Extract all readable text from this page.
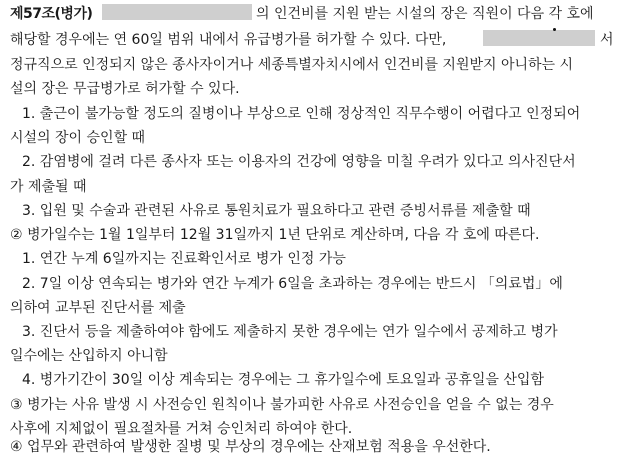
제57조(병가)	의 인건비를 지원 받는 시설의 장은 직원이 다음 각 호에
해당할 경우에는 연 60일 범위 내에서 유급병가를 허가할 수 있다. 다만,	서
정규직으로 인정되지 않은 종사자이거나 세종특별자치시에서 인건비를 지원받지 아니하는 시
설의 장은 무급병가로 허가할 수 있다.
1. 출근이 불가능할 정도의 질병이나 부상으로 인해 정상적인 직무수행이 어렵다고 인정되어
시설의 장이 승인할 때
2. 감염병에 걸려 다른 종사자 또는 이용자의 건강에 영향을 미칠 우려가 있다고 의사진단서
가 제출될 때
3. 입원 및 수술과 관련된 사유로 통원치료가 필요하다고 관련 증빙서류를 제출할 때
② 병가일수는 1월 1일부터 12월 31일까지 1년 단위로 계산하며, 다음 각 호에 따른다.
1. 연간 누계 6일까지는 진료확인서로 병가 인정 가능
2. 7일 이상 연속되는 병가와 연간 누계가 6일을 초과하는 경우에는 반드시 「의료법」에
의하여 교부된 진단서를 제출
3. 진단서 등을 제출하여야 함에도 제출하지 못한 경우에는 연가 일수에서 공제하고 병가
일수에는 산입하지 아니함
4. 병가기간이 30일 이상 계속되는 경우에는 그 휴가일수에 토요일과 공휴일을 산입함
③ 병가는 사유 발생 시 사전승인 원칙이나 불가피한 사유로 사전승인을 얻을 수 없는 경우
사후에 지체없이 필요절차를 거쳐 승인처리 하여야 한다.
④ 업무와 관련하여 발생한 질병 및 부상의 경우에는 산재보험 적용을 우선한다.
